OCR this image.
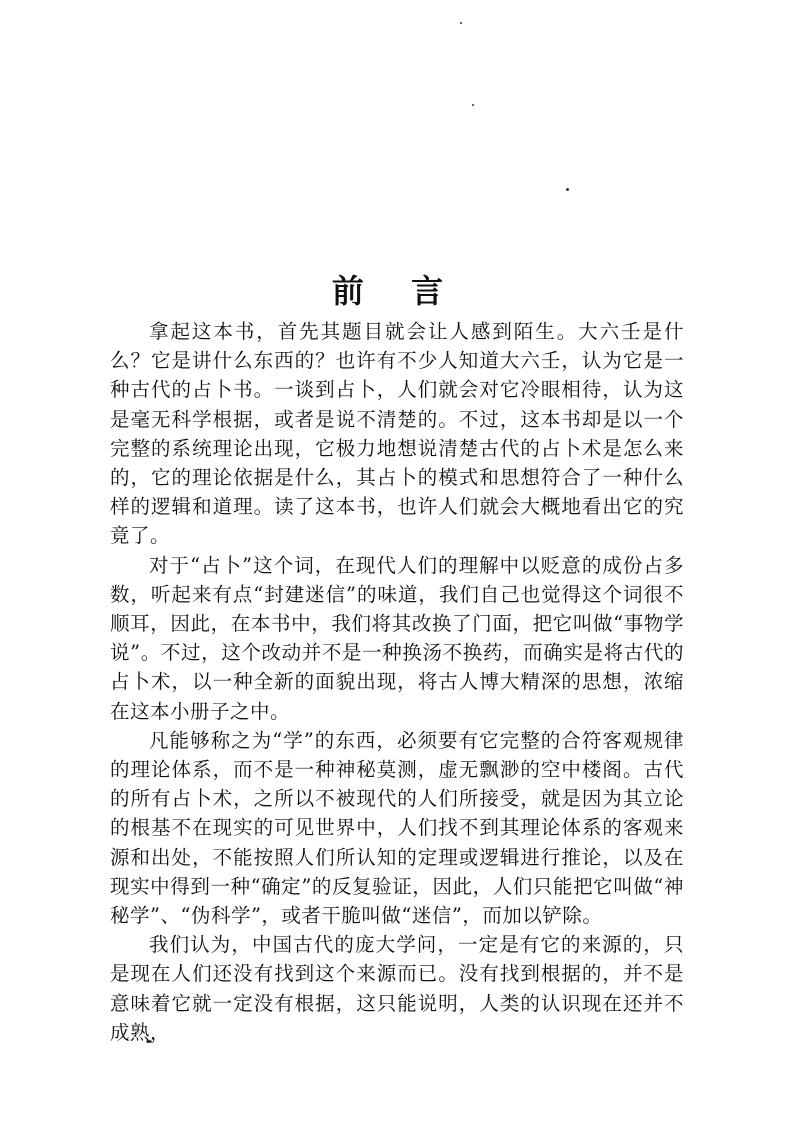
前 言

拿起这本书，首先其题目就会让人感到陌生。大六壬是什么？它是讲什么东西的？也许有不少人知道大六壬，认为它是一种古代的占卜书。一谈到占卜，人们就会对它冷眼相待，认为这是毫无科学根据，或者是说不清楚的。不过，这本书却是以一个完整的系统理论出现，它极力地想说清楚古代的占卜术是怎么来的，它的理论依据是什么，其占卜的模式和思想符合了一种什么样的逻辑和道理。读了这本书，也许人们就会大概地看出它的究竟了。

对于“占卜”这个词，在现代人们的理解中以贬意的成份占多数，听起来有点“封建迷信”的味道，我们自己也觉得这个词很不顺耳，因此，在本书中，我们将其改换了门面，把它叫做“事物学说”。不过，这个改动并不是一种换汤不换药，而确实是将古代的占卜术，以一种全新的面貌出现，将古人博大精深的思想，浓缩在这本小册子之中。

凡能够称之为“学”的东西，必须要有它完整的合符客观规律的理论体系，而不是一种神秘莫测，虚无飘渺的空中楼阁。古代的所有占卜术，之所以不被现代的人们所接受，就是因为其立论的根基不在现实的可见世界中，人们找不到其理论体系的客观来源和出处，不能按照人们所认知的定理或逻辑进行推论，以及在现实中得到一种“确定”的反复验证，因此，人们只能把它叫做“神秘学”、“伪科学”，或者干脆叫做“迷信”，而加以铲除。

我们认为，中国古代的庞大学问，一定是有它的来源的，只是现在人们还没有找到这个来源而已。没有找到根据的，并不是意味着它就一定没有根据，这只能说明，人类的认识现在还并不成熟，
